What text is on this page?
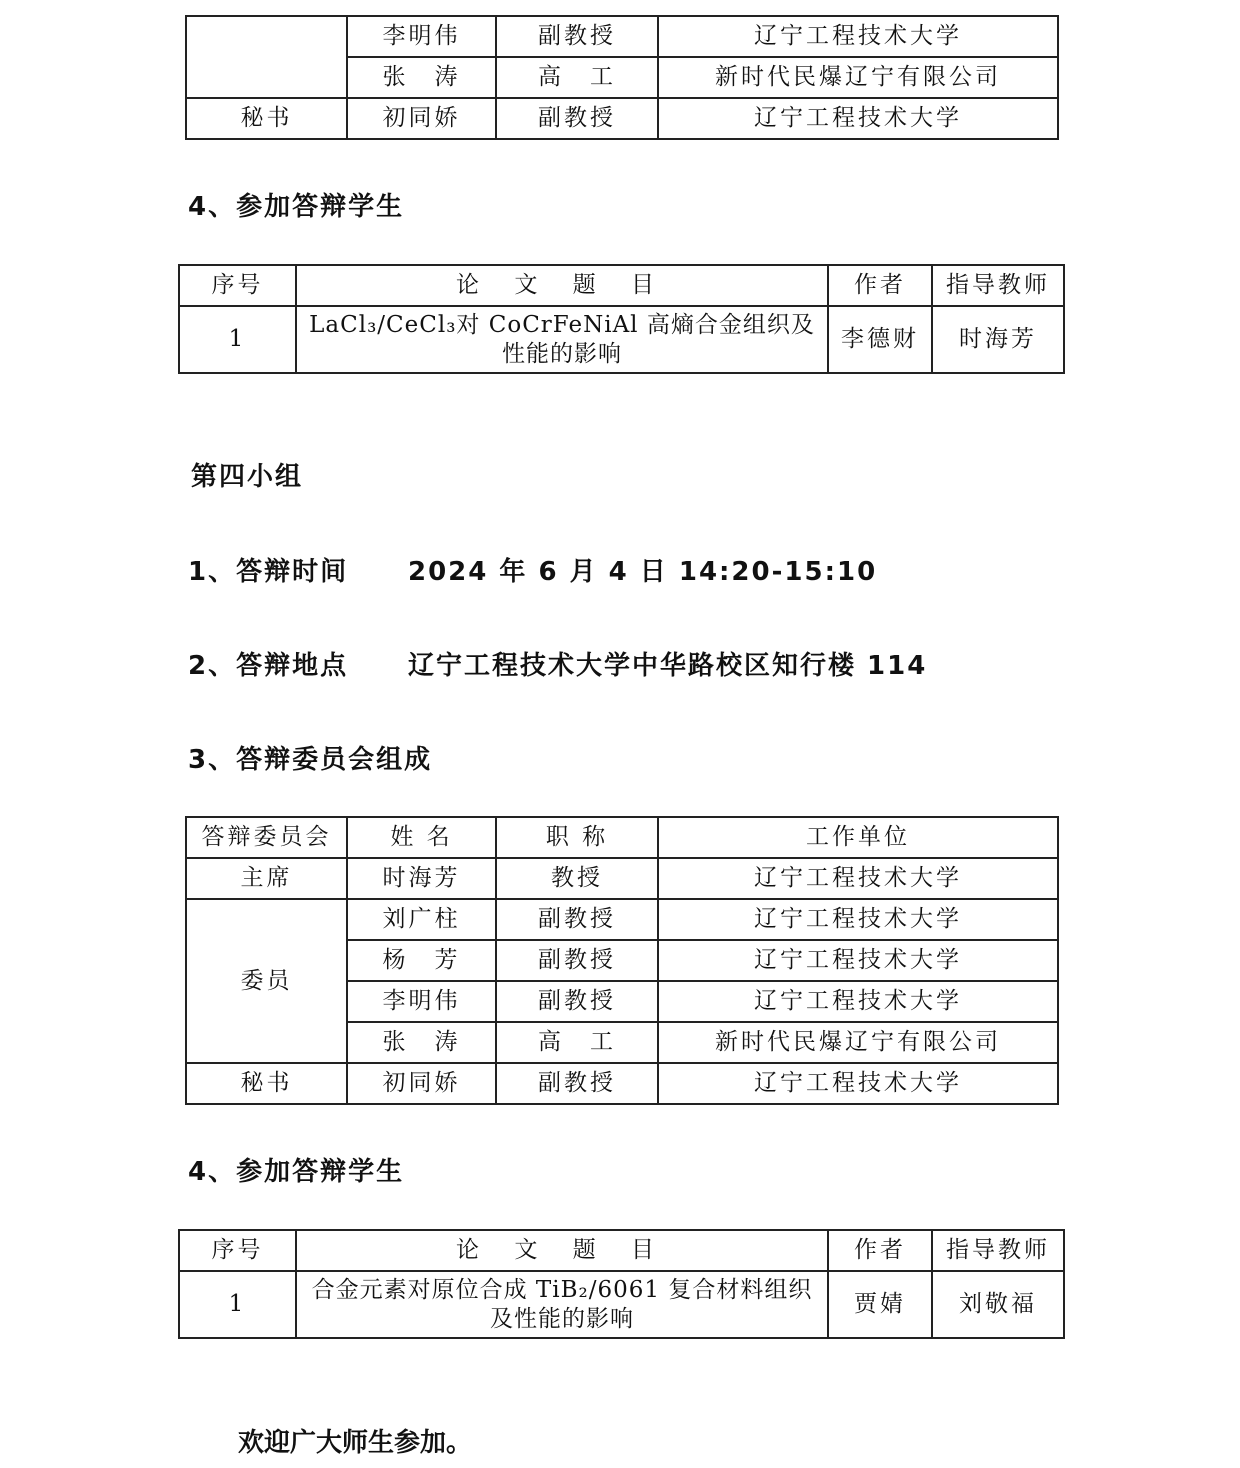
	李明伟	副教授	辽宁工程技术大学
	张　涛	高　工	新时代民爆辽宁有限公司
秘书	初同娇	副教授	辽宁工程技术大学
4、参加答辩学生
序号	论 文 题 目	作者	指导教师
1	LaCl₃/CeCl₃对 CoCrFeNiAl 高熵合金组织及性能的影响	李德财	时海芳
第四小组
1、答辩时间 2024 年 6 月 4 日 14:20-15:10
2、答辩地点 辽宁工程技术大学中华路校区知行楼 114
3、答辩委员会组成
答辩委员会	姓 名	职 称	工作单位
主席	时海芳	教授	辽宁工程技术大学
委员	刘广柱	副教授	辽宁工程技术大学
	杨　芳	副教授	辽宁工程技术大学
	李明伟	副教授	辽宁工程技术大学
	张　涛	高　工	新时代民爆辽宁有限公司
秘书	初同娇	副教授	辽宁工程技术大学
4、参加答辩学生
序号	论 文 题 目	作者	指导教师
1	合金元素对原位合成 TiB₂/6061 复合材料组织及性能的影响	贾婧	刘敬福
欢迎广大师生参加。
